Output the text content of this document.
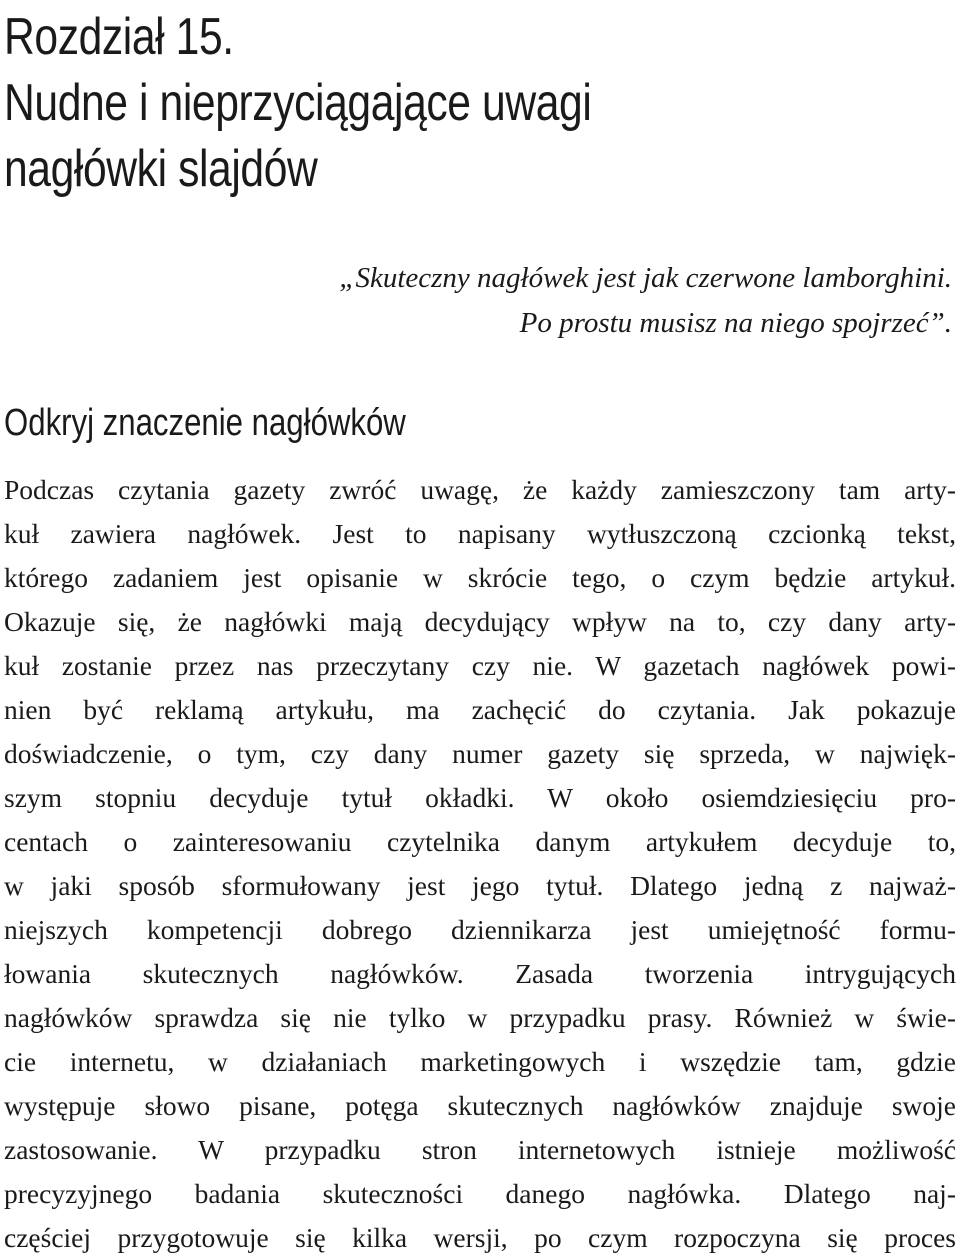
Rozdział 15.
Nudne i nieprzyciągające uwagi
nagłówki slajdów
„Skuteczny nagłówek jest jak czerwone lamborghini.
Po prostu musisz na niego spojrzeć”.
Odkryj znaczenie nagłówków
Podczas czytania gazety zwróć uwagę, że każdy zamieszczony tam arty-
kuł zawiera nagłówek. Jest to napisany wytłuszczoną czcionką tekst,
którego zadaniem jest opisanie w skrócie tego, o czym będzie artykuł.
Okazuje się, że nagłówki mają decydujący wpływ na to, czy dany arty-
kuł zostanie przez nas przeczytany czy nie. W gazetach nagłówek powi-
nien być reklamą artykułu, ma zachęcić do czytania. Jak pokazuje
doświadczenie, o tym, czy dany numer gazety się sprzeda, w najwięk-
szym stopniu decyduje tytuł okładki. W około osiemdziesięciu pro-
centach o zainteresowaniu czytelnika danym artykułem decyduje to,
w jaki sposób sformułowany jest jego tytuł. Dlatego jedną z najważ-
niejszych kompetencji dobrego dziennikarza jest umiejętność formu-
łowania skutecznych nagłówków. Zasada tworzenia intrygujących
nagłówków sprawdza się nie tylko w przypadku prasy. Również w świe-
cie internetu, w działaniach marketingowych i wszędzie tam, gdzie
występuje słowo pisane, potęga skutecznych nagłówków znajduje swoje
zastosowanie. W przypadku stron internetowych istnieje możliwość
precyzyjnego badania skuteczności danego nagłówka. Dlatego naj-
częściej przygotowuje się kilka wersji, po czym rozpoczyna się proces
